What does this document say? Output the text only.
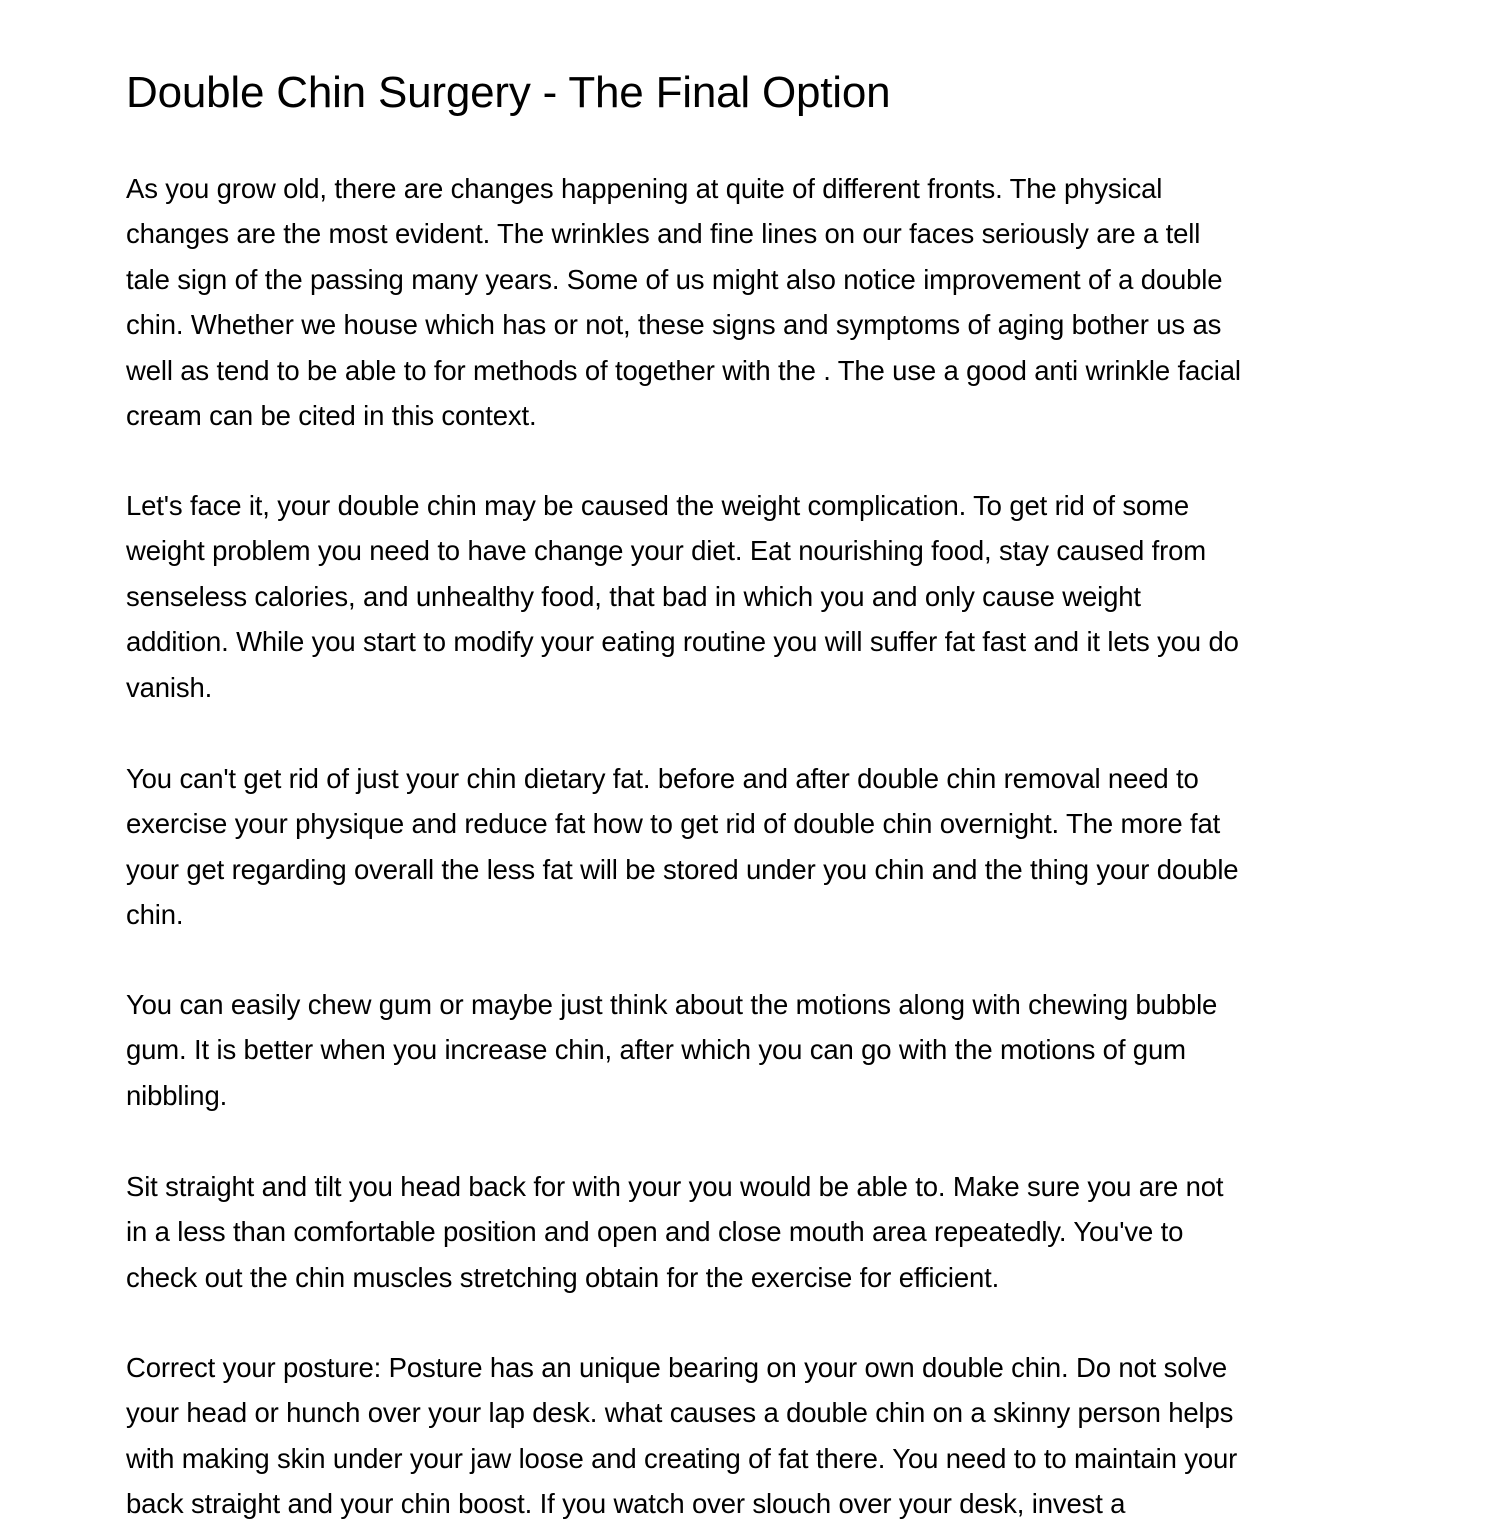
Double Chin Surgery - The Final Option

As you grow old, there are changes happening at quite of different fronts. The physical
changes are the most evident. The wrinkles and fine lines on our faces seriously are a tell
tale sign of the passing many years. Some of us might also notice improvement of a double
chin. Whether we house which has or not, these signs and symptoms of aging bother us as
well as tend to be able to for methods of together with the . The use a good anti wrinkle facial
cream can be cited in this context.

Let's face it, your double chin may be caused the weight complication. To get rid of some
weight problem you need to have change your diet. Eat nourishing food, stay caused from
senseless calories, and unhealthy food, that bad in which you and only cause weight
addition. While you start to modify your eating routine you will suffer fat fast and it lets you do
vanish.

You can't get rid of just your chin dietary fat. before and after double chin removal need to
exercise your physique and reduce fat how to get rid of double chin overnight. The more fat
your get regarding overall the less fat will be stored under you chin and the thing your double
chin.

You can easily chew gum or maybe just think about the motions along with chewing bubble
gum. It is better when you increase chin, after which you can go with the motions of gum
nibbling.

Sit straight and tilt you head back for with your you would be able to. Make sure you are not
in a less than comfortable position and open and close mouth area repeatedly. You've to
check out the chin muscles stretching obtain for the exercise for efficient.

Correct your posture: Posture has an unique bearing on your own double chin. Do not solve
your head or hunch over your lap desk. what causes a double chin on a skinny person helps
with making skin under your jaw loose and creating of fat there. You need to to maintain your
back straight and your chin boost. If you watch over slouch over your desk, invest a
